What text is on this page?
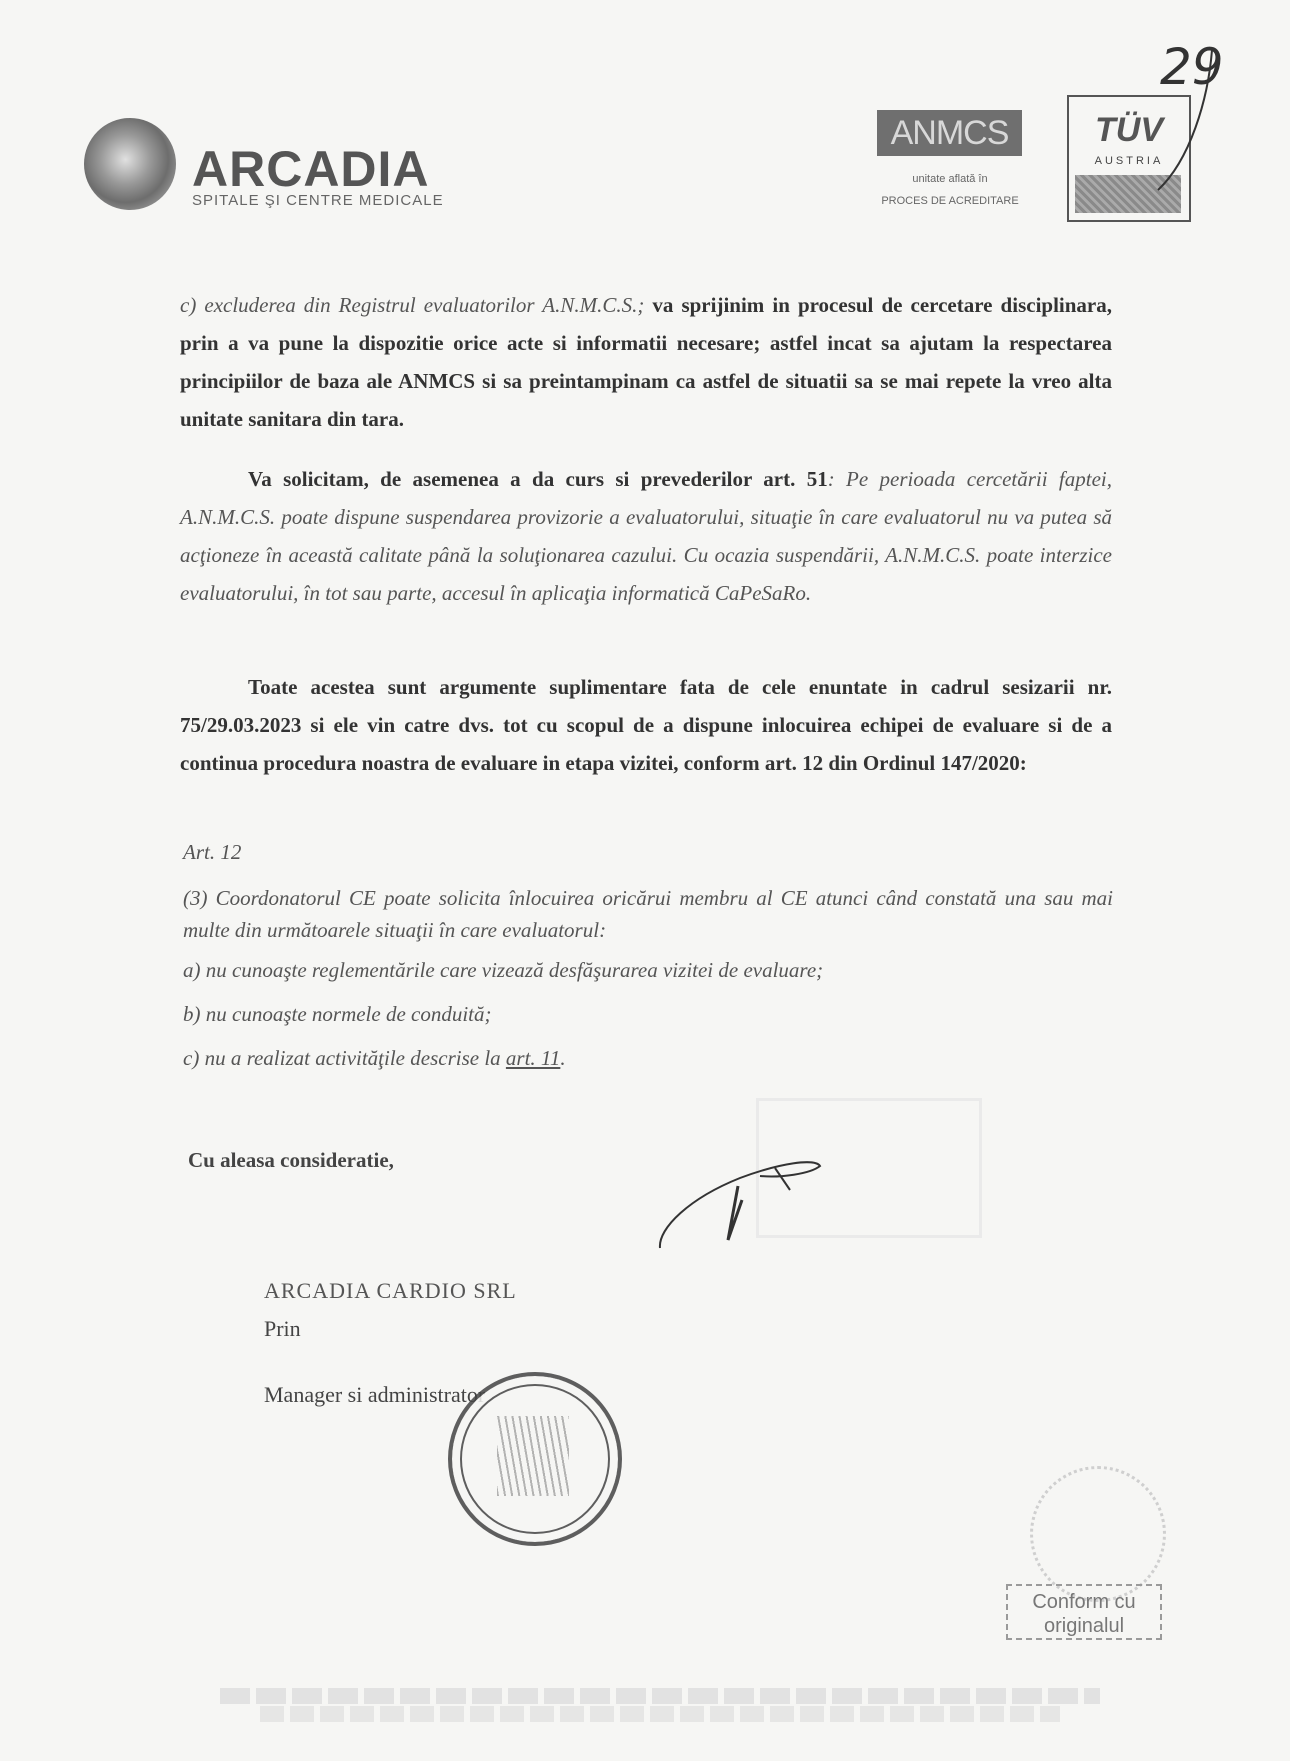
ARCADIA
SPITALE ŞI CENTRE MEDICALE
ANMCS
unitate aflată în
PROCES DE ACREDITARE
TÜV
AUSTRIA
29

c) excluderea din Registrul evaluatorilor A.N.M.C.S.; va sprijinim in procesul de cercetare disciplinara, prin a va pune la dispozitie orice acte si informatii necesare; astfel incat sa ajutam la respectarea principiilor de baza ale ANMCS si sa preintampinam ca astfel de situatii sa se mai repete la vreo alta unitate sanitara din tara.

Va solicitam, de asemenea a da curs si prevederilor art. 51: Pe perioada cercetării faptei, A.N.M.C.S. poate dispune suspendarea provizorie a evaluatorului, situaţie în care evaluatorul nu va putea să acţioneze în această calitate până la soluţionarea cazului. Cu ocazia suspendării, A.N.M.C.S. poate interzice evaluatorului, în tot sau parte, accesul în aplicaţia informatică CaPeSaRo.

Toate acestea sunt argumente suplimentare fata de cele enuntate in cadrul sesizarii nr. 75/29.03.2023 si ele vin catre dvs. tot cu scopul de a dispune inlocuirea echipei de evaluare si de a continua procedura noastra de evaluare in etapa vizitei, conform art. 12 din Ordinul 147/2020:

Art. 12

(3) Coordonatorul CE poate solicita înlocuirea oricărui membru al CE atunci când constată una sau mai multe din următoarele situaţii în care evaluatorul:

a) nu cunoaşte reglementările care vizează desfăşurarea vizitei de evaluare;
b) nu cunoaşte normele de conduită;
c) nu a realizat activităţile descrise la art. 11.
Cu aleasa consideratie,
ARCADIA CARDIO SRL
Prin
Manager si administrator
Conform cu
originalul
